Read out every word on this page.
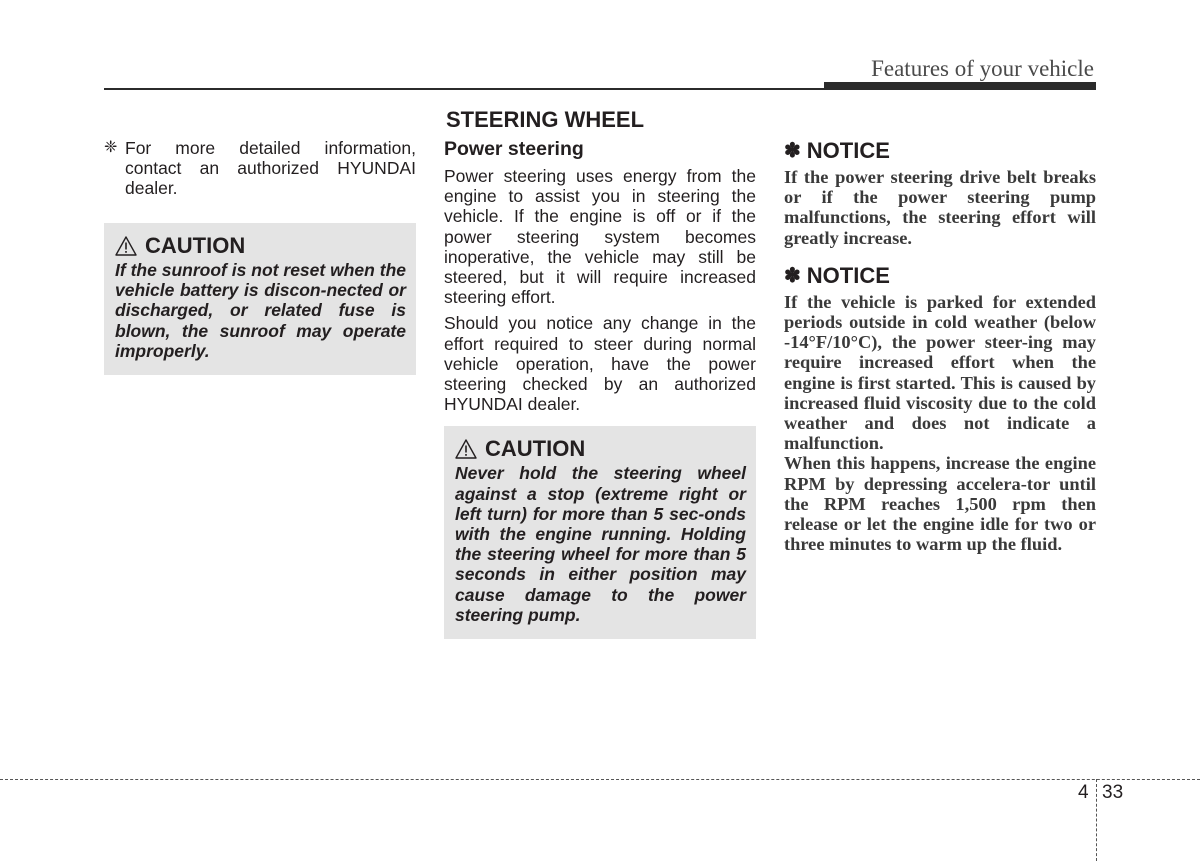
Features of your vehicle
❈ For more detailed information, contact an authorized HYUNDAI dealer.
CAUTION
If the sunroof is not reset when the vehicle battery is discon-nected or discharged, or related fuse is blown, the sunroof may operate improperly.
STEERING WHEEL
Power steering

Power steering uses energy from the engine to assist you in steering the vehicle. If the engine is off or if the power steering system becomes inoperative, the vehicle may still be steered, but it will require increased steering effort.

Should you notice any change in the effort required to steer during normal vehicle operation, have the power steering checked by an authorized HYUNDAI dealer.

CAUTION
Never hold the steering wheel against a stop (extreme right or left turn) for more than 5 sec-onds with the engine running. Holding the steering wheel for more than 5 seconds in either position may cause damage to the power steering pump.
✽ NOTICE
If the power steering drive belt breaks or if the power steering pump malfunctions, the steering effort will greatly increase.
✽ NOTICE
If the vehicle is parked for extended periods outside in cold weather (below -14°F/10°C), the power steer-ing may require increased effort when the engine is first started. This is caused by increased fluid viscosity due to the cold weather and does not indicate a malfunction.
When this happens, increase the engine RPM by depressing accelera-tor until the RPM reaches 1,500 rpm then release or let the engine idle for two or three minutes to warm up the fluid.
4 33
